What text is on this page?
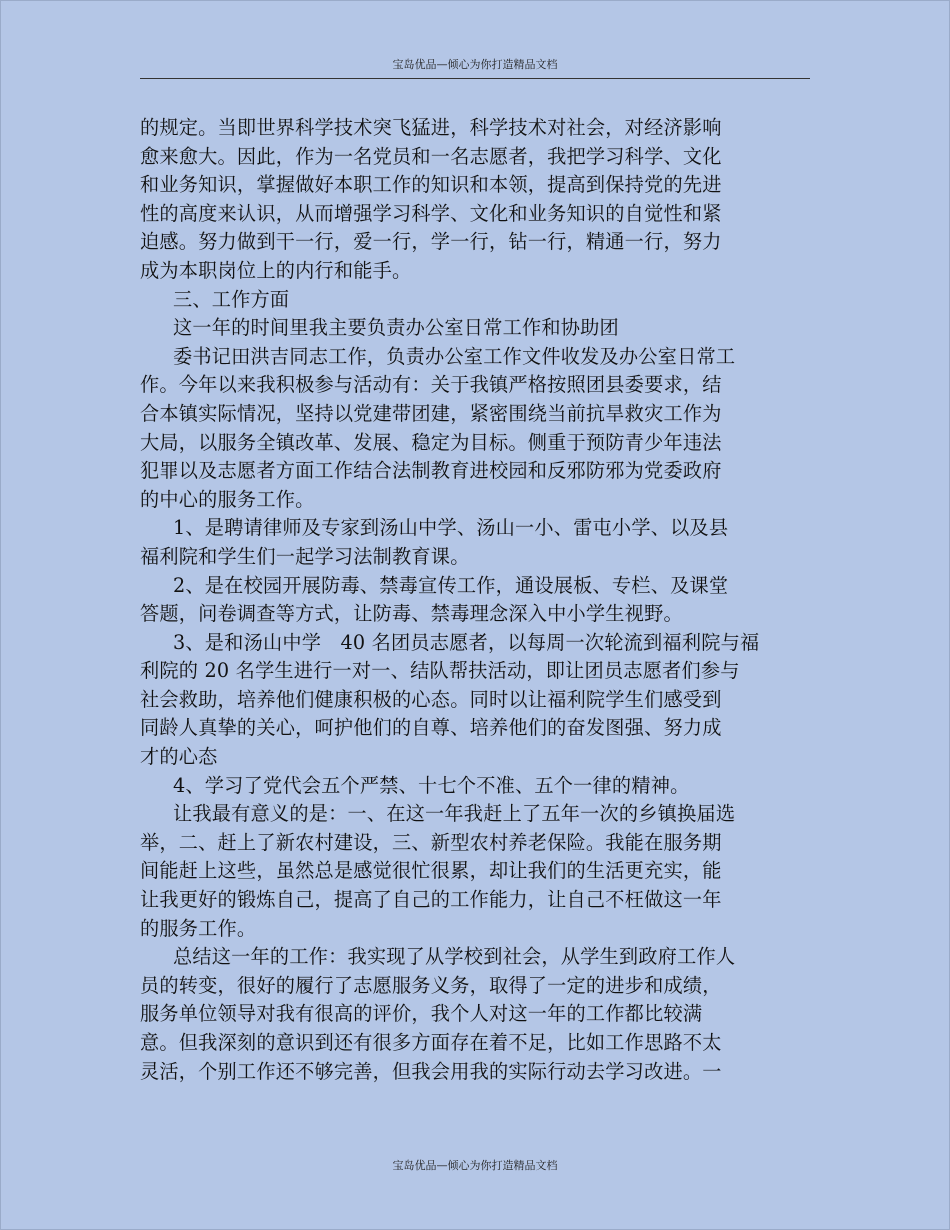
宝岛优品—倾心为你打造精品文档
的规定。当即世界科学技术突飞猛进，科学技术对社会，对经济影响
愈来愈大。因此，作为一名党员和一名志愿者，我把学习科学、文化
和业务知识，掌握做好本职工作的知识和本领，提高到保持党的先进
性的高度来认识，从而增强学习科学、文化和业务知识的自觉性和紧
迫感。努力做到干一行，爱一行，学一行，钻一行，精通一行，努力
成为本职岗位上的内行和能手。
三、工作方面
这一年的时间里我主要负责办公室日常工作和协助团
委书记田洪吉同志工作，负责办公室工作文件收发及办公室日常工
作。今年以来我积极参与活动有：关于我镇严格按照团县委要求，结
合本镇实际情况，坚持以党建带团建，紧密围绕当前抗旱救灾工作为
大局，以服务全镇改革、发展、稳定为目标。侧重于预防青少年违法
犯罪以及志愿者方面工作结合法制教育进校园和反邪防邪为党委政府
的中心的服务工作。
1、是聘请律师及专家到汤山中学、汤山一小、雷屯小学、以及县
福利院和学生们一起学习法制教育课。
2、是在校园开展防毒、禁毒宣传工作，通设展板、专栏、及课堂
答题，问卷调查等方式，让防毒、禁毒理念深入中小学生视野。
3、是和汤山中学　40 名团员志愿者，以每周一次轮流到福利院与福
利院的 20 名学生进行一对一、结队帮扶活动，即让团员志愿者们参与
社会救助，培养他们健康积极的心态。同时以让福利院学生们感受到
同龄人真挚的关心，呵护他们的自尊、培养他们的奋发图强、努力成
才的心态
4、学习了党代会五个严禁、十七个不准、五个一律的精神。
让我最有意义的是：一、在这一年我赶上了五年一次的乡镇换届选
举，二、赶上了新农村建设，三、新型农村养老保险。我能在服务期
间能赶上这些，虽然总是感觉很忙很累，却让我们的生活更充实，能
让我更好的锻炼自己，提高了自己的工作能力，让自己不枉做这一年
的服务工作。
总结这一年的工作：我实现了从学校到社会，从学生到政府工作人
员的转变，很好的履行了志愿服务义务，取得了一定的进步和成绩，
服务单位领导对我有很高的评价，我个人对这一年的工作都比较满
意。但我深刻的意识到还有很多方面存在着不足，比如工作思路不太
灵活，个别工作还不够完善，但我会用我的实际行动去学习改进。一
宝岛优品—倾心为你打造精品文档
